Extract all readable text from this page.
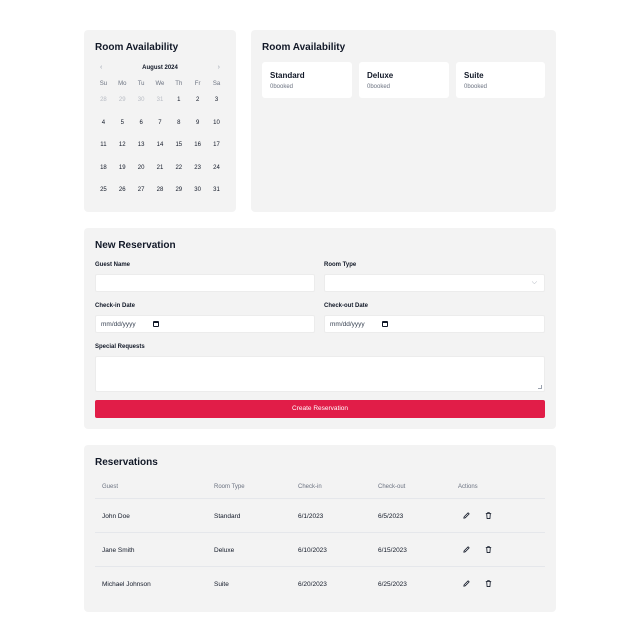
Room Availability
‹	August 2024	›
Su	Mo	Tu	We	Th	Fr	Sa
28	29	30	31	1	2	3
4	5	6	7	8	9	10
11	12	13	14	15	16	17
18	19	20	21	22	23	24
25	26	27	28	29	30	31
Room Availability
Standard
0booked
Deluxe
0booked
Suite
0booked
New Reservation
Guest Name	Room Type
⌵
Check-in Date
mm/dd/yyyy
Check-out Date
mm/dd/yyyy
Special Requests
Create Reservation
Reservations
Guest	Room Type	Check-in	Check-out	Actions
John Doe	Standard	6/1/2023	6/5/2023
Jane Smith	Deluxe	6/10/2023	6/15/2023
Michael Johnson	Suite	6/20/2023	6/25/2023
